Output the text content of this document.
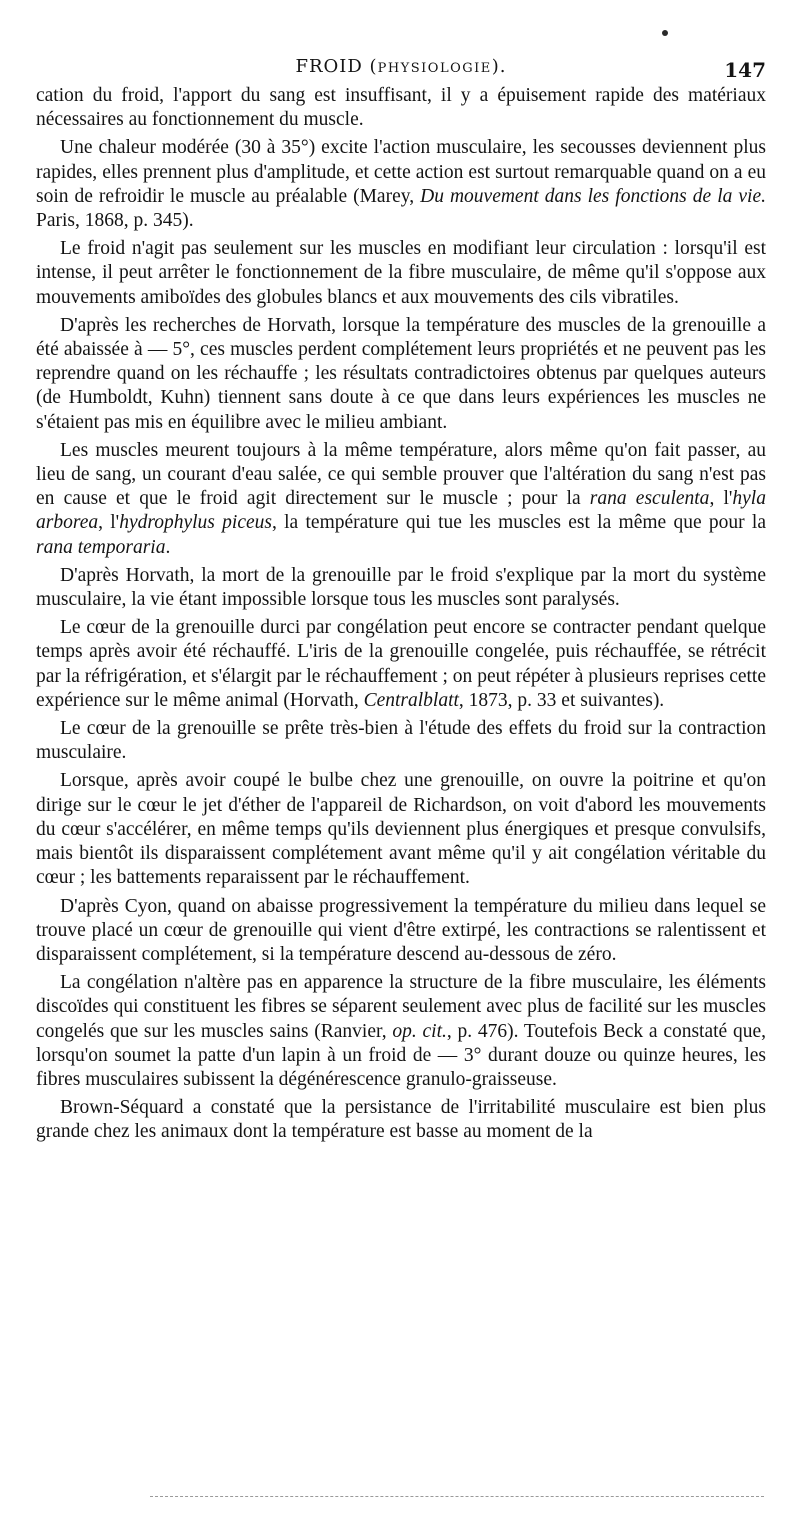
FROID (PHYSIOLOGIE).	147

cation du froid, l'apport du sang est insuffisant, il y a épuisement rapide des matériaux nécessaires au fonctionnement du muscle.

Une chaleur modérée (30 à 35°) excite l'action musculaire, les secousses deviennent plus rapides, elles prennent plus d'amplitude, et cette action est surtout remarquable quand on a eu soin de refroidir le muscle au préalable (Marey, Du mouvement dans les fonctions de la vie. Paris, 1868, p. 345).

Le froid n'agit pas seulement sur les muscles en modifiant leur circulation : lorsqu'il est intense, il peut arrêter le fonctionnement de la fibre musculaire, de même qu'il s'oppose aux mouvements amiboïdes des globules blancs et aux mouvements des cils vibratiles.

D'après les recherches de Horvath, lorsque la température des muscles de la grenouille a été abaissée à — 5°, ces muscles perdent complétement leurs propriétés et ne peuvent pas les reprendre quand on les réchauffe ; les résultats contradictoires obtenus par quelques auteurs (de Humboldt, Kuhn) tiennent sans doute à ce que dans leurs expériences les muscles ne s'étaient pas mis en équilibre avec le milieu ambiant.

Les muscles meurent toujours à la même température, alors même qu'on fait passer, au lieu de sang, un courant d'eau salée, ce qui semble prouver que l'altération du sang n'est pas en cause et que le froid agit directement sur le muscle ; pour la rana esculenta, l'hyla arborea, l'hydrophylus piceus, la température qui tue les muscles est la même que pour la rana temporaria.

D'après Horvath, la mort de la grenouille par le froid s'explique par la mort du système musculaire, la vie étant impossible lorsque tous les muscles sont paralysés.

Le cœur de la grenouille durci par congélation peut encore se contracter pendant quelque temps après avoir été réchauffé. L'iris de la grenouille congelée, puis réchauffée, se rétrécit par la réfrigération, et s'élargit par le réchauffement ; on peut répéter à plusieurs reprises cette expérience sur le même animal (Horvath, Centralblatt, 1873, p. 33 et suivantes).

Le cœur de la grenouille se prête très-bien à l'étude des effets du froid sur la contraction musculaire.

Lorsque, après avoir coupé le bulbe chez une grenouille, on ouvre la poitrine et qu'on dirige sur le cœur le jet d'éther de l'appareil de Richardson, on voit d'abord les mouvements du cœur s'accélérer, en même temps qu'ils deviennent plus énergiques et presque convulsifs, mais bientôt ils disparaissent complétement avant même qu'il y ait congélation véritable du cœur ; les battements reparaissent par le réchauffement.

D'après Cyon, quand on abaisse progressivement la température du milieu dans lequel se trouve placé un cœur de grenouille qui vient d'être extirpé, les contractions se ralentissent et disparaissent complétement, si la température descend au-dessous de zéro.

La congélation n'altère pas en apparence la structure de la fibre musculaire, les éléments discoïdes qui constituent les fibres se séparent seulement avec plus de facilité sur les muscles congelés que sur les muscles sains (Ranvier, op. cit., p. 476). Toutefois Beck a constaté que, lorsqu'on soumet la patte d'un lapin à un froid de — 3° durant douze ou quinze heures, les fibres musculaires subissent la dégénérescence granulo-graisseuse.

Brown-Séquard a constaté que la persistance de l'irritabilité musculaire est bien plus grande chez les animaux dont la température est basse au moment de la
